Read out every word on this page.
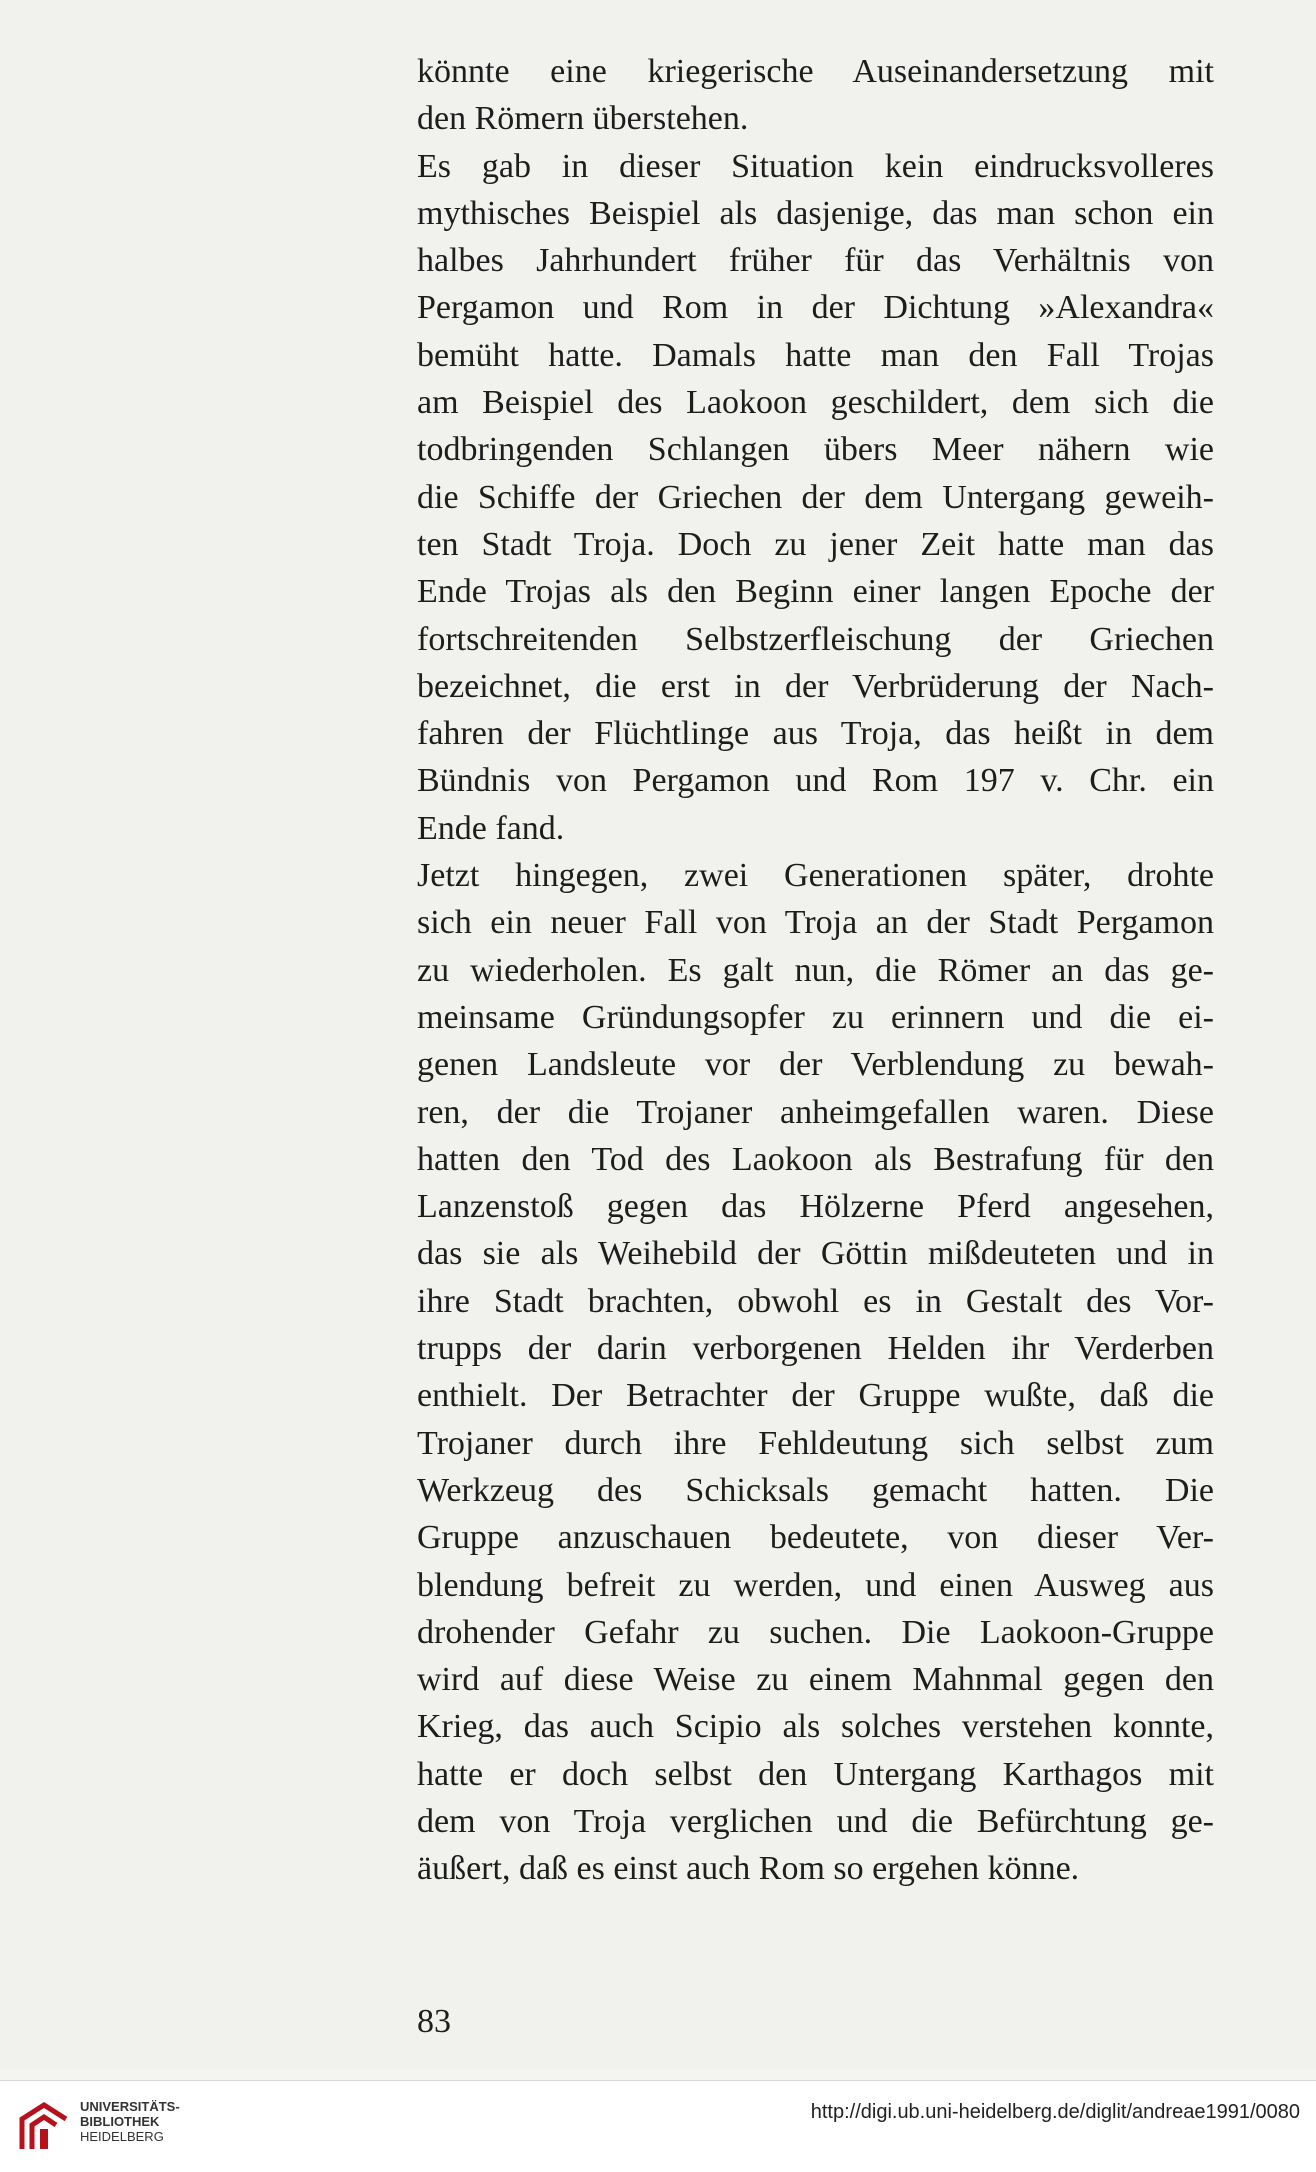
könnte eine kriegerische Auseinandersetzung mit
den Römern überstehen.
Es gab in dieser Situation kein eindrucksvolleres
mythisches Beispiel als dasjenige, das man schon ein
halbes Jahrhundert früher für das Verhältnis von
Pergamon und Rom in der Dichtung »Alexandra«
bemüht hatte. Damals hatte man den Fall Trojas
am Beispiel des Laokoon geschildert, dem sich die
todbringenden Schlangen übers Meer nähern wie
die Schiffe der Griechen der dem Untergang geweih-
ten Stadt Troja. Doch zu jener Zeit hatte man das
Ende Trojas als den Beginn einer langen Epoche der
fortschreitenden Selbstzerfleischung der Griechen
bezeichnet, die erst in der Verbrüderung der Nach-
fahren der Flüchtlinge aus Troja, das heißt in dem
Bündnis von Pergamon und Rom 197 v. Chr. ein
Ende fand.
Jetzt hingegen, zwei Generationen später, drohte
sich ein neuer Fall von Troja an der Stadt Pergamon
zu wiederholen. Es galt nun, die Römer an das ge-
meinsame Gründungsopfer zu erinnern und die ei-
genen Landsleute vor der Verblendung zu bewah-
ren, der die Trojaner anheimgefallen waren. Diese
hatten den Tod des Laokoon als Bestrafung für den
Lanzenstoß gegen das Hölzerne Pferd angesehen,
das sie als Weihebild der Göttin mißdeuteten und in
ihre Stadt brachten, obwohl es in Gestalt des Vor-
trupps der darin verborgenen Helden ihr Verderben
enthielt. Der Betrachter der Gruppe wußte, daß die
Trojaner durch ihre Fehldeutung sich selbst zum
Werkzeug des Schicksals gemacht hatten. Die
Gruppe anzuschauen bedeutete, von dieser Ver-
blendung befreit zu werden, und einen Ausweg aus
drohender Gefahr zu suchen. Die Laokoon-Gruppe
wird auf diese Weise zu einem Mahnmal gegen den
Krieg, das auch Scipio als solches verstehen konnte,
hatte er doch selbst den Untergang Karthagos mit
dem von Troja verglichen und die Befürchtung ge-
äußert, daß es einst auch Rom so ergehen könne.
83
UNIVERSITÄTS-
BIBLIOTHEK
HEIDELBERG
http://digi.ub.uni-heidelberg.de/diglit/andreae1991/0080
